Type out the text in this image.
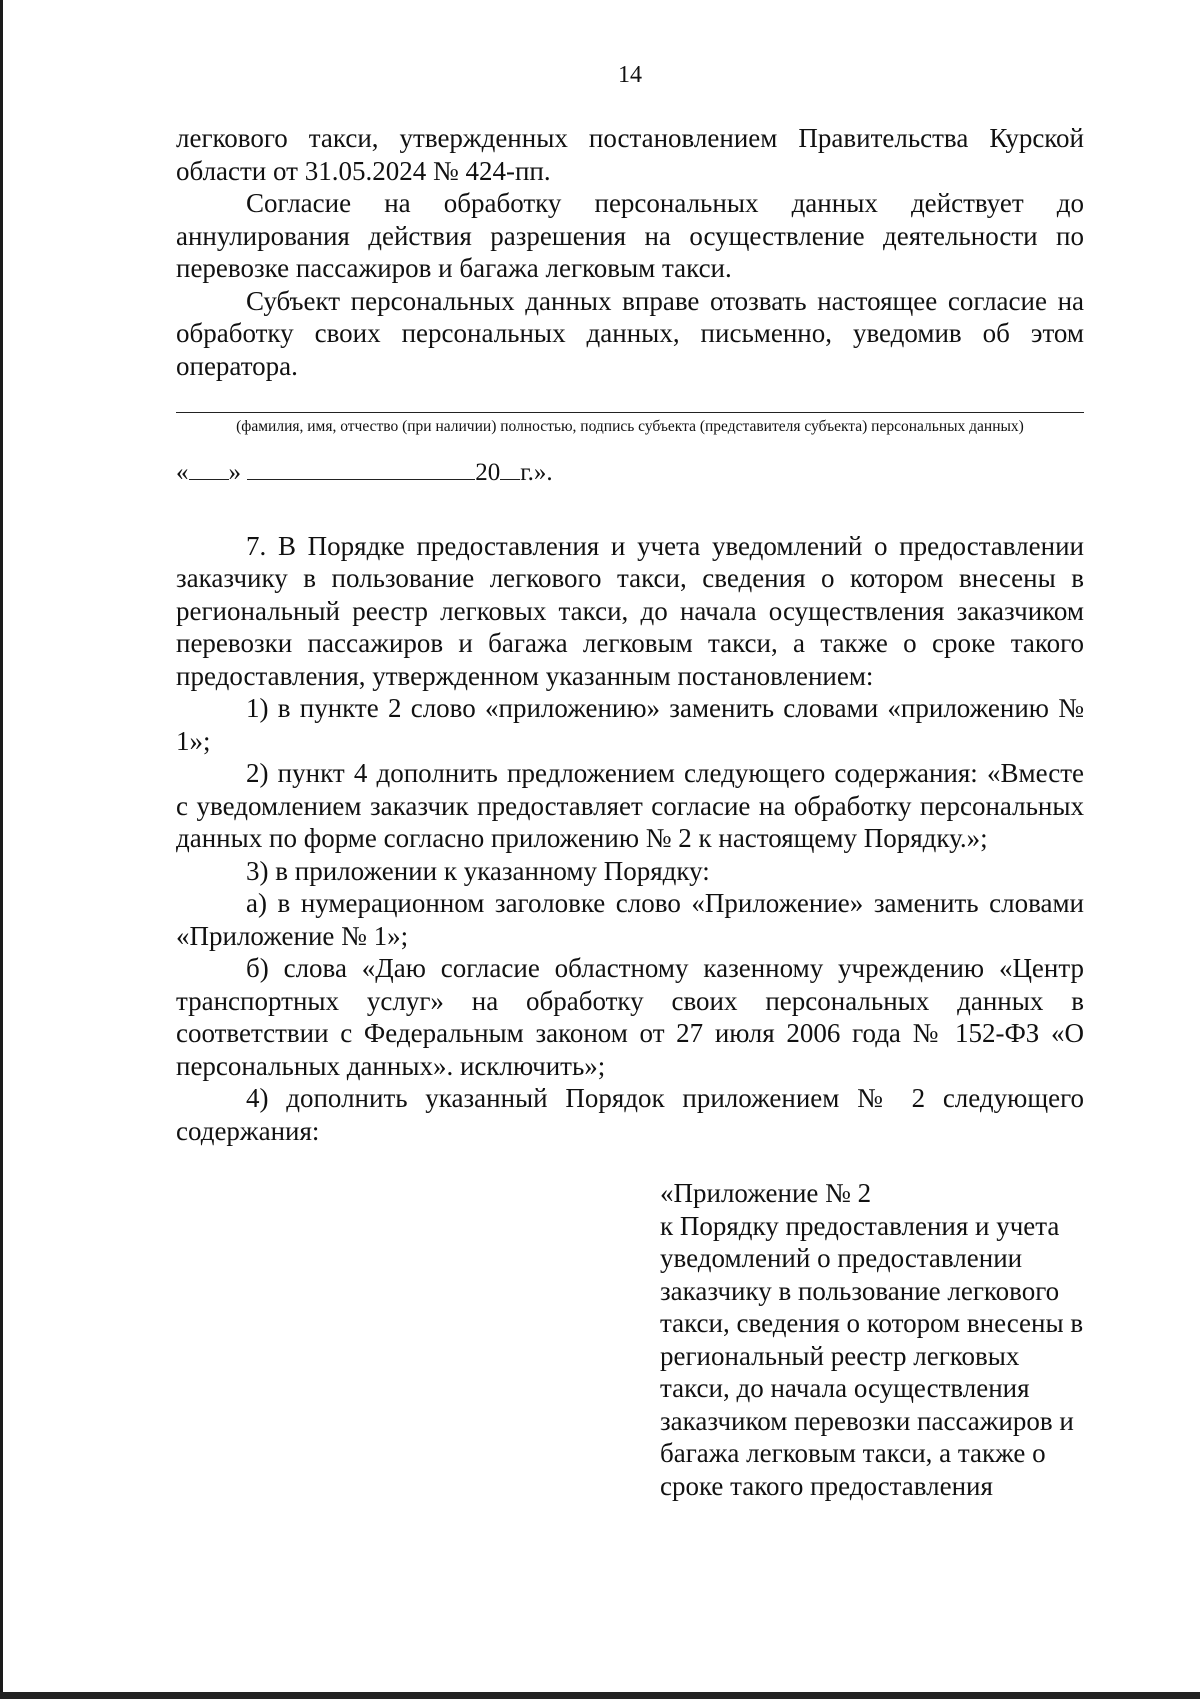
14

легкового такси, утвержденных постановлением Правительства Курской области от 31.05.2024 № 424-пп.

Согласие на обработку персональных данных действует до аннулирования действия разрешения на осуществление деятельности по перевозке пассажиров и багажа легковым такси.

Субъект персональных данных вправе отозвать настоящее согласие на обработку своих персональных данных, письменно, уведомив об этом оператора.

(фамилия, имя, отчество (при наличии) полностью, подпись субъекта (представителя субъекта) персональных данных)
« »	20 г.».

7. В Порядке предоставления и учета уведомлений о предоставлении заказчику в пользование легкового такси, сведения о котором внесены в региональный реестр легковых такси, до начала осуществления заказчиком перевозки пассажиров и багажа легковым такси, а также о сроке такого предоставления, утвержденном указанным постановлением:

1) в пункте 2 слово «приложению» заменить словами «приложению № 1»;

2) пункт 4 дополнить предложением следующего содержания: «Вместе с уведомлением заказчик предоставляет согласие на обработку персональных данных по форме согласно приложению № 2 к настоящему Порядку.»;

3) в приложении к указанному Порядку:

а) в нумерационном заголовке слово «Приложение» заменить словами «Приложение № 1»;

б) слова «Даю согласие областному казенному учреждению «Центр транспортных услуг» на обработку своих персональных данных в соответствии с Федеральным законом от 27 июля 2006 года № 152-ФЗ «О персональных данных». исключить»;

4) дополнить указанный Порядок приложением № 2 следующего содержания:

«Приложение № 2

к Порядку предоставления и учета уведомлений о предоставлении заказчику в пользование легкового такси, сведения о котором внесены в региональный реестр легковых такси, до начала осуществления заказчиком перевозки пассажиров и багажа легковым такси, а также о сроке такого предоставления
